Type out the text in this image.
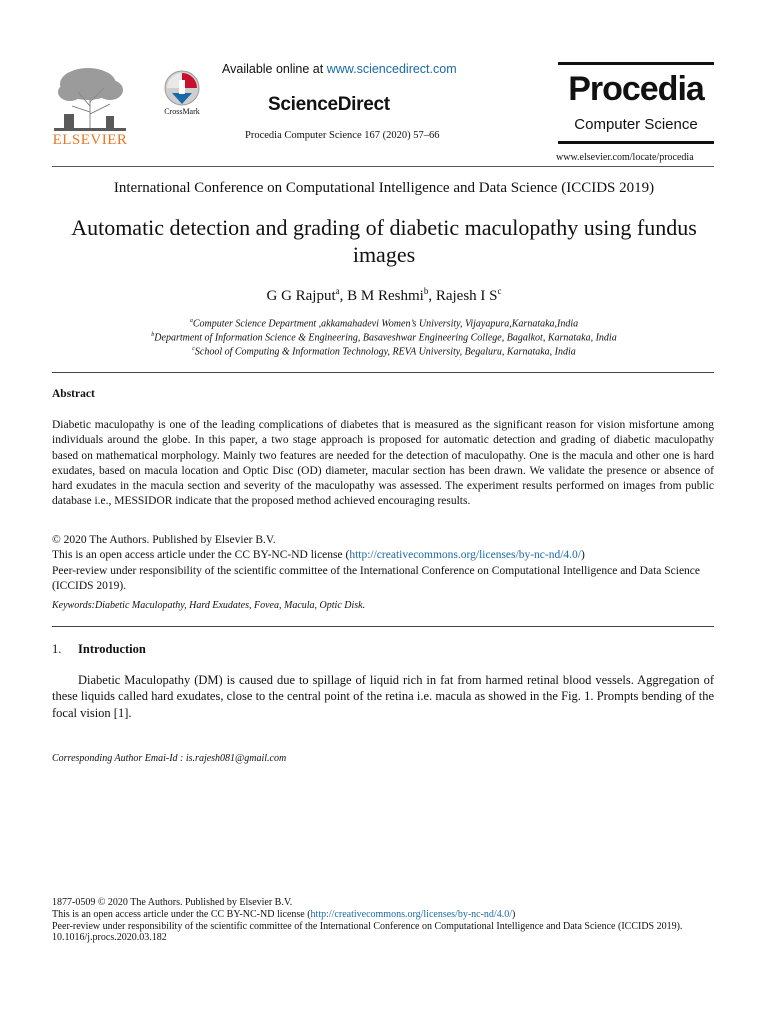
ELSEVIER
CrossMark
Available online at www.sciencedirect.com
ScienceDirect
Procedia Computer Science 167 (2020) 57–66
Procedia
Computer Science
www.elsevier.com/locate/procedia
International Conference on Computational Intelligence and Data Science (ICCIDS 2019)
Automatic detection and grading of diabetic maculopathy using fundus images
G G Rajput$^a$, B M Reshmi$^b$, Rajesh I $S^c$
$^a$Computer Science Department ,akkamahadevi Women’s University, Vijayapura,Karnataka,India
$^b$Department of Information Science & Engineering, Basaveshwar Engineering College, Bagalkot, Karnataka, India
$^c$School of Computing & Information Technology, REVA University, Begaluru, Karnataka, India
Abstract
Diabetic maculopathy is one of the leading complications of diabetes that is measured as the significant reason for vision misfortune among individuals around the globe. In this paper, a two stage approach is proposed for automatic detection and grading of diabetic maculopathy based on mathematical morphology. Mainly two features are needed for the detection of maculopathy. One is the macula and other one is hard exudates, based on macula location and Optic Disc (OD) diameter, macular section has been drawn. We validate the presence or absence of hard exudates in the macula section and severity of the maculopathy was assessed. The experiment results performed on images from public database i.e., MESSIDOR indicate that the proposed method achieved encouraging results.
© 2020 The Authors. Published by Elsevier B.V.
This is an open access article under the CC BY-NC-ND license (http://creativecommons.org/licenses/by-nc-nd/4.0/)
Peer-review under responsibility of the scientific committee of the International Conference on Computational Intelligence and Data Science (ICCIDS 2019).
Keywords:Diabetic Maculopathy, Hard Exudates, Fovea, Macula, Optic Disk.
1. Introduction
Diabetic Maculopathy (DM) is caused due to spillage of liquid rich in fat from harmed retinal blood vessels. Aggregation of these liquids called hard exudates, close to the central point of the retina i.e. macula as showed in the Fig. 1. Prompts bending of the focal vision [1].
Corresponding Author Emai-Id : is.rajesh081@gmail.com
1877-0509 © 2020 The Authors. Published by Elsevier B.V.
This is an open access article under the CC BY-NC-ND license (http://creativecommons.org/licenses/by-nc-nd/4.0/)
Peer-review under responsibility of the scientific committee of the International Conference on Computational Intelligence and Data Science (ICCIDS 2019).
10.1016/j.procs.2020.03.182
